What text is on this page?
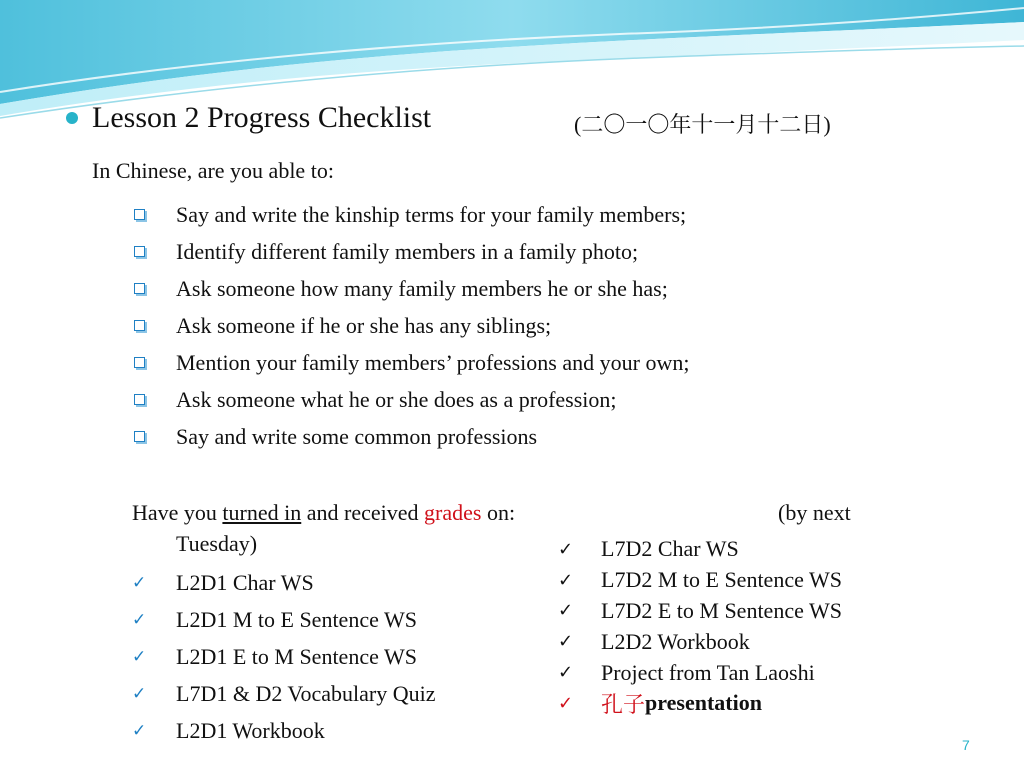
Lesson 2 Progress Checklist	(二〇一〇年十一月十二日)
In Chinese, are you able to:
Say and write the kinship terms for your family members;
Identify different family members in a family photo;
Ask someone how many family members he or she has;
Ask someone if he or she has any siblings;
Mention your family members’ professions and your own;
Ask someone what he or she does as a profession;
Say and write some common professions
Have you turned in and received grades on:	(by next
Tuesday)
✓	L2D1 Char WS
✓	L2D1 M to E Sentence WS
✓	L2D1 E to M Sentence WS
✓	L7D1 & D2 Vocabulary Quiz
✓	L2D1 Workbook
✓	L7D2 Char WS
✓	L7D2 M to E Sentence WS
✓	L7D2 E to M Sentence WS
✓	L2D2 Workbook
✓	Project from Tan Laoshi
✓	孔子 presentation
7
